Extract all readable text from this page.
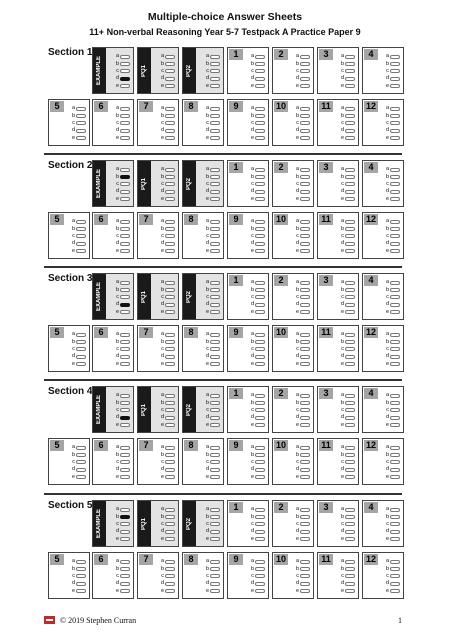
Multiple-choice Answer Sheets
11+ Non-verbal Reasoning Year 5-7 Testpack A Practice Paper 9
Section 1
EXAMPLE	a
b
c
d
e
PQ1
a
b
c
d
e
PQ2
a
b
c
d
e
1	a
b
c
d
e
2	a
b
c
d
e
3	a
b
c
d
e
4	a
b
c
d
e
5	a
b
c
d
e
6	a
b
c
d
e
7	a
b
c
d
e
8	a
b
c
d
e
9	a
b
c
d
e
10	a
b
c
d
e
11	a
b
c
d
e
12	a
b
c
d
e
Section 2
EXAMPLE	a
b
c
d
e
PQ1
a
b
c
d
e
PQ2
a
b
c
d
e
1	a
b
c
d
e
2	a
b
c
d
e
3	a
b
c
d
e
4	a
b
c
d
e
5	a
b
c
d
e
6	a
b
c
d
e
7	a
b
c
d
e
8	a
b
c
d
e
9	a
b
c
d
e
10	a
b
c
d
e
11	a
b
c
d
e
12	a
b
c
d
e
Section 3
EXAMPLE	a
b
c
d
e
PQ1
a
b
c
d
e
PQ2
a
b
c
d
e
1	a
b
c
d
e
2	a
b
c
d
e
3	a
b
c
d
e
4	a
b
c
d
e
5	a
b
c
d
e
6	a
b
c
d
e
7	a
b
c
d
e
8	a
b
c
d
e
9	a
b
c
d
e
10	a
b
c
d
e
11	a
b
c
d
e
12	a
b
c
d
e
Section 4
EXAMPLE	a
b
c
d
e
PQ1
a
b
c
d
e
PQ2
a
b
c
d
e
1	a
b
c
d
e
2	a
b
c
d
e
3	a
b
c
d
e
4	a
b
c
d
e
5	a
b
c
d
e
6	a
b
c
d
e
7	a
b
c
d
e
8	a
b
c
d
e
9	a
b
c
d
e
10	a
b
c
d
e
11	a
b
c
d
e
12	a
b
c
d
e
Section 5
EXAMPLE	a
b
c
d
e
PQ1
a
b
c
d
e
PQ2
a
b
c
d
e
1	a
b
c
d
e
2	a
b
c
d
e
3	a
b
c
d
e
4	a
b
c
d
e
5	a
b
c
d
e
6	a
b
c
d
e
7	a
b
c
d
e
8	a
b
c
d
e
9	a
b
c
d
e
10	a
b
c
d
e
11	a
b
c
d
e
12	a
b
c
d
e
© 2019 Stephen Curran	1
